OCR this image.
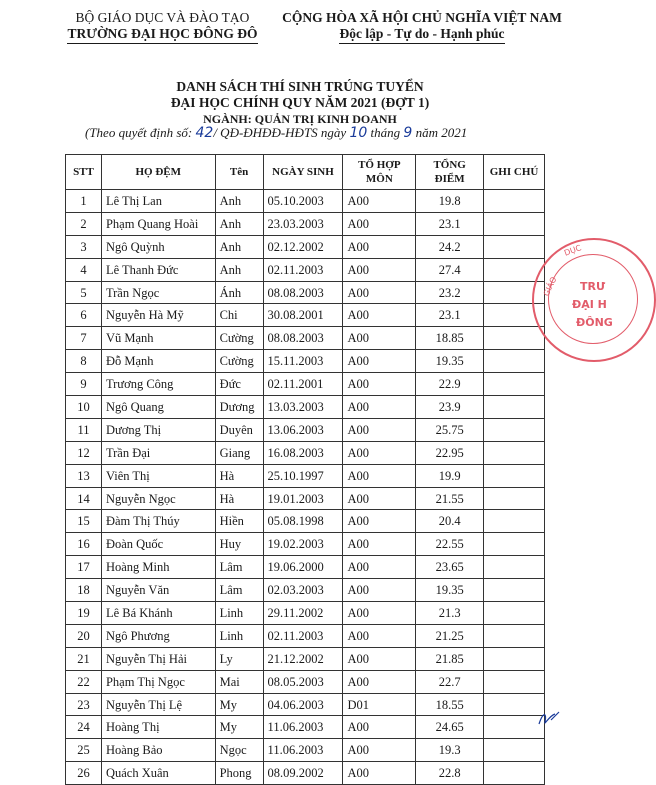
BỘ GIÁO DỤC VÀ ĐÀO TẠO
TRƯỜNG ĐẠI HỌC ĐÔNG ĐÔ
CỘNG HÒA XÃ HỘI CHỦ NGHĨA VIỆT NAM
Độc lập - Tự do - Hạnh phúc
DANH SÁCH THÍ SINH TRÚNG TUYỂN
ĐẠI HỌC CHÍNH QUY NĂM 2021 (ĐỢT 1)
NGÀNH: QUẢN TRỊ KINH DOANH
(Theo quyết định số: 42/ QĐ-ĐHĐĐ-HĐTS ngày 10 tháng 9 năm 2021
STT	HỌ ĐỆM	Tên	NGÀY SINH	TỔ HỢP MÔN	TỔNG ĐIỂM	GHI CHÚ
1	Lê Thị Lan	Anh	05.10.2003	A00	19.8	
2	Phạm Quang Hoài	Anh	23.03.2003	A00	23.1	
3	Ngô Quỳnh	Anh	02.12.2002	A00	24.2	
4	Lê Thanh Đức	Anh	02.11.2003	A00	27.4	
5	Trần Ngọc	Ánh	08.08.2003	A00	23.2	
6	Nguyễn Hà Mỹ	Chi	30.08.2001	A00	23.1	
7	Vũ Mạnh	Cường	08.08.2003	A00	18.85	
8	Đỗ Mạnh	Cường	15.11.2003	A00	19.35	
9	Trương Công	Đức	02.11.2001	A00	22.9	
10	Ngô Quang	Dương	13.03.2003	A00	23.9	
11	Dương Thị	Duyên	13.06.2003	A00	25.75	
12	Trần Đại	Giang	16.08.2003	A00	22.95	
13	Viên Thị	Hà	25.10.1997	A00	19.9	
14	Nguyễn Ngọc	Hà	19.01.2003	A00	21.55	
15	Đàm Thị Thúy	Hiền	05.08.1998	A00	20.4	
16	Đoàn Quốc	Huy	19.02.2003	A00	22.55	
17	Hoàng Minh	Lâm	19.06.2000	A00	23.65	
18	Nguyễn Văn	Lâm	02.03.2003	A00	19.35	
19	Lê Bá Khánh	Linh	29.11.2002	A00	21.3	
20	Ngô Phương	Linh	02.11.2003	A00	21.25	
21	Nguyễn Thị Hải	Ly	21.12.2002	A00	21.85	
22	Phạm Thị Ngọc	Mai	08.05.2003	A00	22.7	
23	Nguyễn Thị Lệ	My	04.06.2003	D01	18.55	
24	Hoàng Thị	My	11.06.2003	A00	24.65	
25	Hoàng Bảo	Ngọc	11.06.2003	A00	19.3	
26	Quách Xuân	Phong	08.09.2002	A00	22.8	
GIÁO
DỤC
TRƯ
ĐẠI H
ĐÔNG
